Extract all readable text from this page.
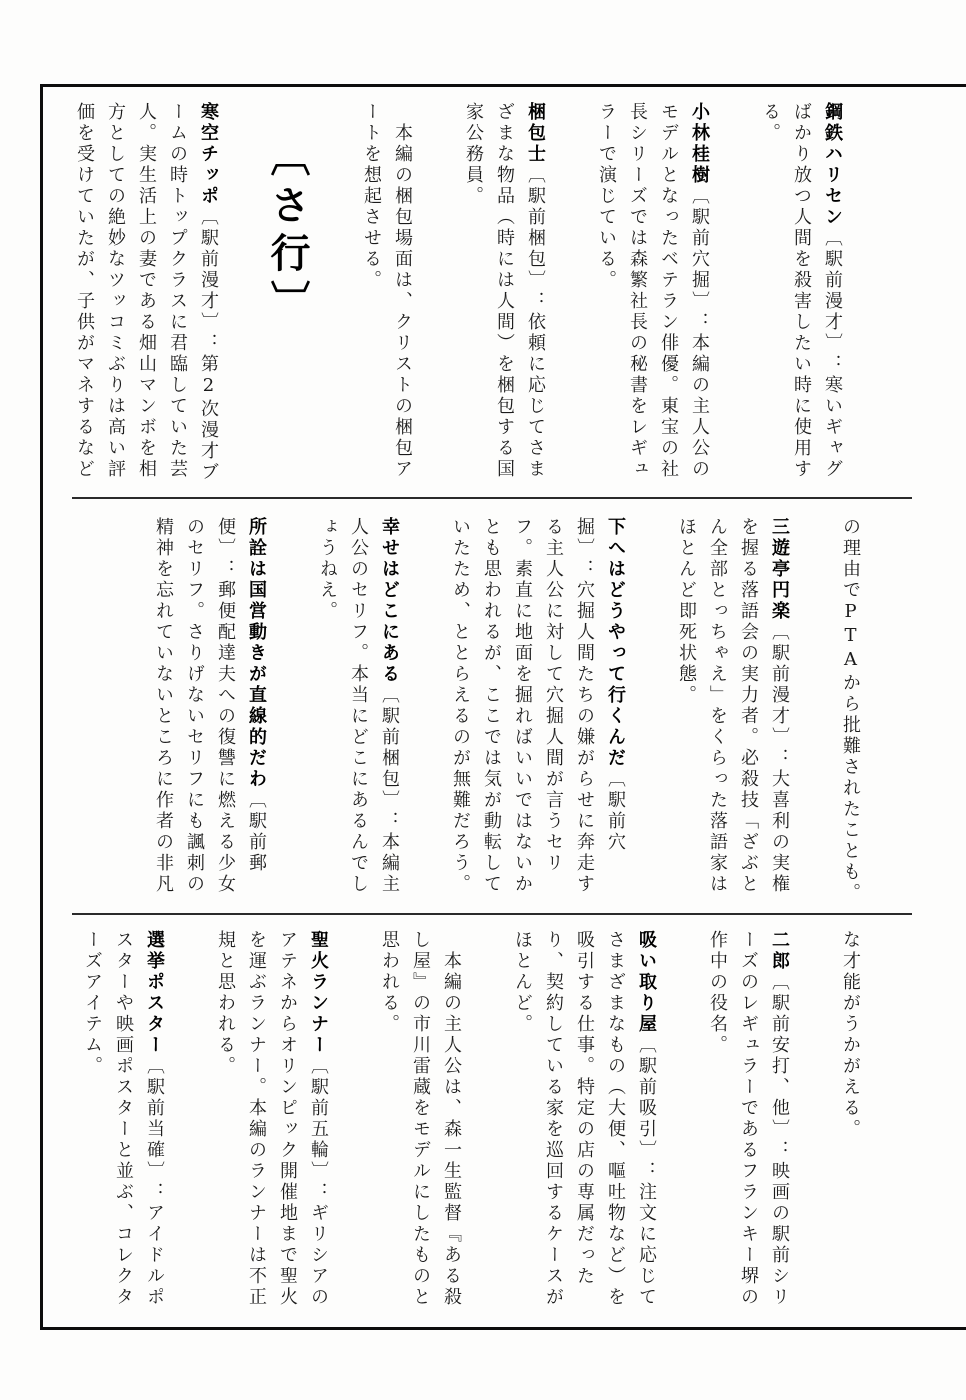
鋼鉄ハリセン〔駅前漫才〕：寒いギャグばかり放つ人間を殺害したい時に使用する。
小林桂樹〔駅前穴掘〕：本編の主人公のモデルとなったベテラン俳優。東宝の社長シリーズでは森繁社長の秘書をレギュラーで演じている。
梱包士〔駅前梱包〕：依頼に応じてさまざまな物品（時には人間）を梱包する国家公務員。
本編の梱包場面は、クリストの梱包アートを想起させる。
〔さ行〕
寒空チッポ〔駅前漫才〕：第2次漫才ブームの時トップクラスに君臨していた芸人。実生活上の妻である畑山マンボを相方としての絶妙なツッコミぶりは高い評価を受けていたが、子供がマネするなど
の理由でPTAから批難されたことも。
三遊亭円楽〔駅前漫才〕：大喜利の実権を握る落語会の実力者。必殺技「ざぶとん全部とっちゃえ」をくらった落語家はほとんど即死状態。
下へはどうやって行くんだ〔駅前穴掘〕：穴掘人間たちの嫌がらせに奔走する主人公に対して穴掘人間が言うセリフ。素直に地面を掘ればいいではないかとも思われるが、ここでは気が動転していたため、ととらえるのが無難だろう。
幸せはどこにある〔駅前梱包〕：本編主人公のセリフ。本当にどこにあるんでしょうねえ。
所詮は国営動きが直線的だわ〔駅前郵便〕：郵便配達夫への復讐に燃える少女のセリフ。さりげないセリフにも諷刺の精神を忘れていないところに作者の非凡
な才能がうかがえる。
二郎〔駅前安打、他〕：映画の駅前シリーズのレギュラーであるフランキー堺の作中の役名。
吸い取り屋〔駅前吸引〕：注文に応じてさまざまなもの（大便、嘔吐物など）を吸引する仕事。特定の店の専属だったり、契約している家を巡回するケースがほとんど。
本編の主人公は、森一生監督『ある殺し屋』の市川雷蔵をモデルにしたものと思われる。
聖火ランナー〔駅前五輪〕：ギリシアのアテネからオリンピック開催地まで聖火を運ぶランナー。本編のランナーは不正規と思われる。
選挙ポスター〔駅前当確〕：アイドルポスターや映画ポスターと並ぶ、コレクターズアイテム。
